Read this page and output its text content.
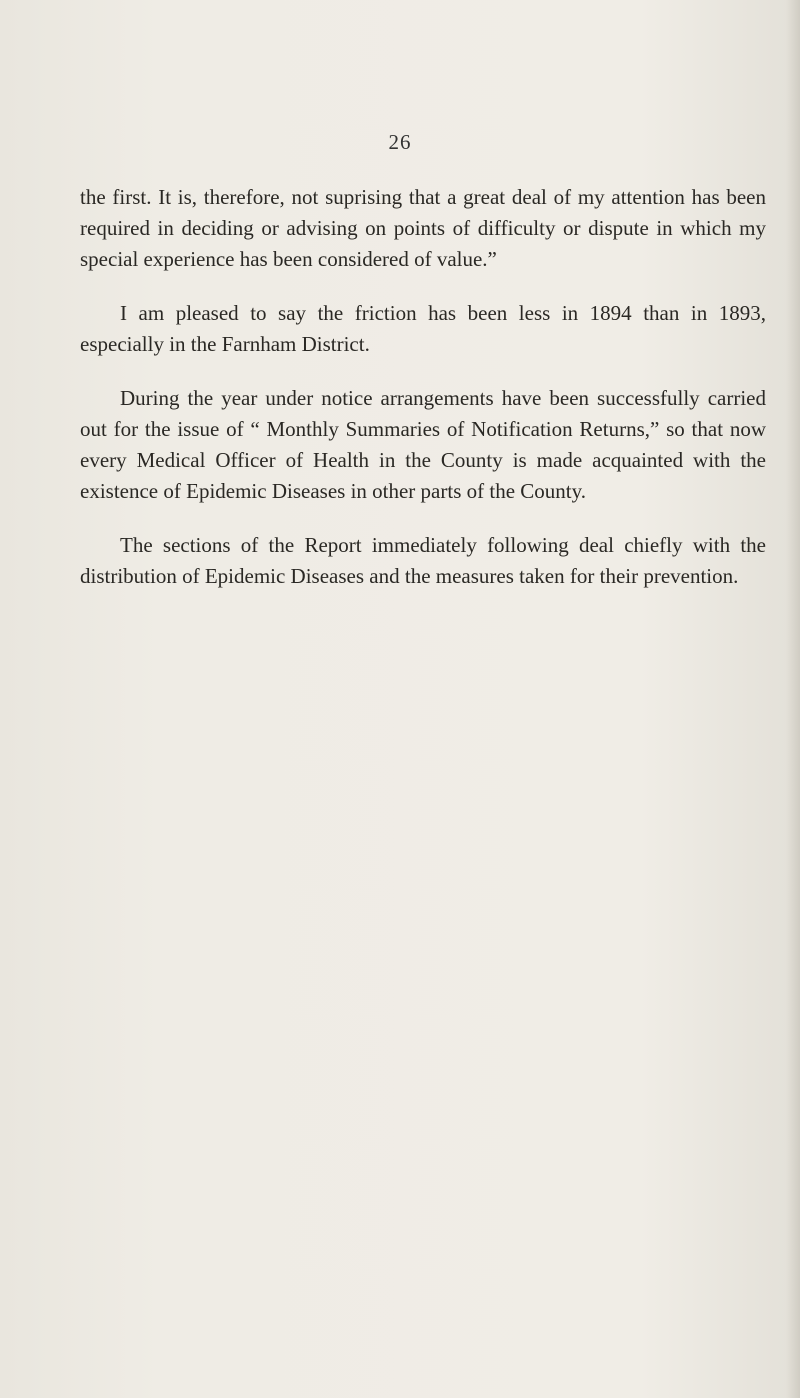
26

the first. It is, therefore, not suprising that a great deal of my attention has been required in deciding or advising on points of difficulty or dispute in which my special experience has been considered of value.”

I am pleased to say the friction has been less in 1894 than in 1893, especially in the Farnham District.

During the year under notice arrangements have been successfully carried out for the issue of “ Monthly Summaries of Notification Returns,” so that now every Medical Officer of Health in the County is made acquainted with the existence of Epidemic Diseases in other parts of the County.

The sections of the Report immediately following deal chiefly with the distribution of Epidemic Diseases and the measures taken for their prevention.
